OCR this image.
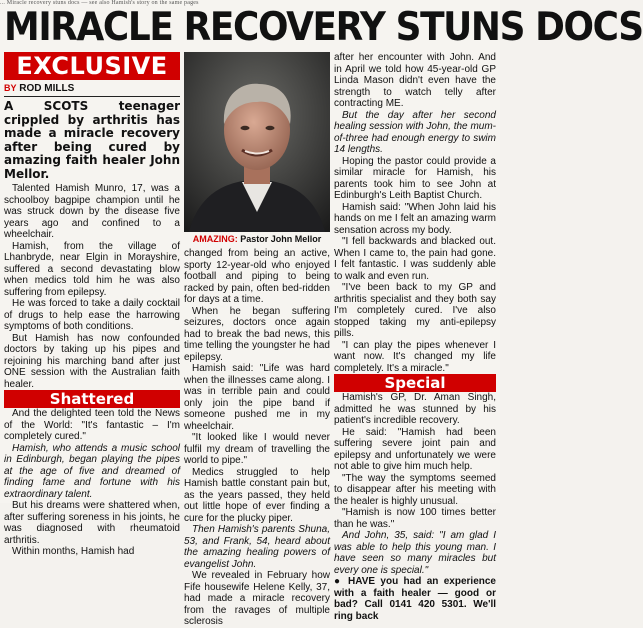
... Miracle recovery stuns docs — see also Hamish's story on the same pages
MIRACLE RECOVERY STUNS DOCS
EXCLUSIVE
BY ROD MILLS

A SCOTS teenager crippled by arthritis has made a miracle recovery after being cured by amazing faith healer John Mellor.

Talented Hamish Munro, 17, was a schoolboy bagpipe champion until he was struck down by the disease five years ago and confined to a wheelchair.

Hamish, from the village of Lhanbryde, near Elgin in Morayshire, suffered a second devastating blow when medics told him he was also suffering from epilepsy.

He was forced to take a daily cocktail of drugs to help ease the harrowing symptoms of both conditions.

But Hamish has now confounded doctors by taking up his pipes and rejoining his marching band after just ONE session with the Australian faith healer.

Shattered

And the delighted teen told the News of the World: "It's fantastic – I'm completely cured."

Hamish, who attends a music school in Edinburgh, began playing the pipes at the age of five and dreamed of finding fame and fortune with his extraordinary talent.

But his dreams were shattered when, after suffering soreness in his joints, he was diagnosed with rheumatoid arthritis.

Within months, Hamish had

AMAZING: Pastor John Mellor

changed from being an active, sporty 12-year-old who enjoyed football and piping to being racked by pain, often bed-ridden for days at a time.

When he began suffering seizures, doctors once again had to break the bad news, this time telling the youngster he had epilepsy.

Hamish said: "Life was hard when the illnesses came along. I was in terrible pain and could only join the pipe band if someone pushed me in my wheelchair.

"It looked like I would never fulfil my dream of travelling the world to pipe."

Medics struggled to help Hamish battle constant pain but, as the years passed, they held out little hope of ever finding a cure for the plucky piper.

Then Hamish's parents Shuna, 53, and Frank, 54, heard about the amazing healing powers of evangelist John.

We revealed in February how Fife housewife Helene Kelly, 37, had made a miracle recovery from the ravages of multiple sclerosis

after her encounter with John. And in April we told how 45-year-old GP Linda Mason didn't even have the strength to watch telly after contracting ME.

But the day after her second healing session with John, the mum-of-three had enough energy to swim 14 lengths.

Hoping the pastor could provide a similar miracle for Hamish, his parents took him to see John at Edinburgh's Leith Baptist Church.

Hamish said: "When John laid his hands on me I felt an amazing warm sensation across my body.

"I fell backwards and blacked out. When I came to, the pain had gone. I felt fantastic. I was suddenly able to walk and even run.

"I've been back to my GP and arthritis specialist and they both say I'm completely cured. I've also stopped taking my anti-epilepsy pills.

"I can play the pipes whenever I want now. It's changed my life completely. It's a miracle."

Special

Hamish's GP, Dr. Aman Singh, admitted he was stunned by his patient's incredible recovery.

He said: "Hamish had been suffering severe joint pain and epilepsy and unfortunately we were not able to give him much help.

"The way the symptoms seemed to disappear after his meeting with the healer is highly unusual.

"Hamish is now 100 times better than he was."

And John, 35, said: "I am glad I was able to help this young man. I have seen so many miracles but every one is special."

● HAVE you had an experience with a faith healer — good or bad? Call 0141 420 5301. We'll ring back
